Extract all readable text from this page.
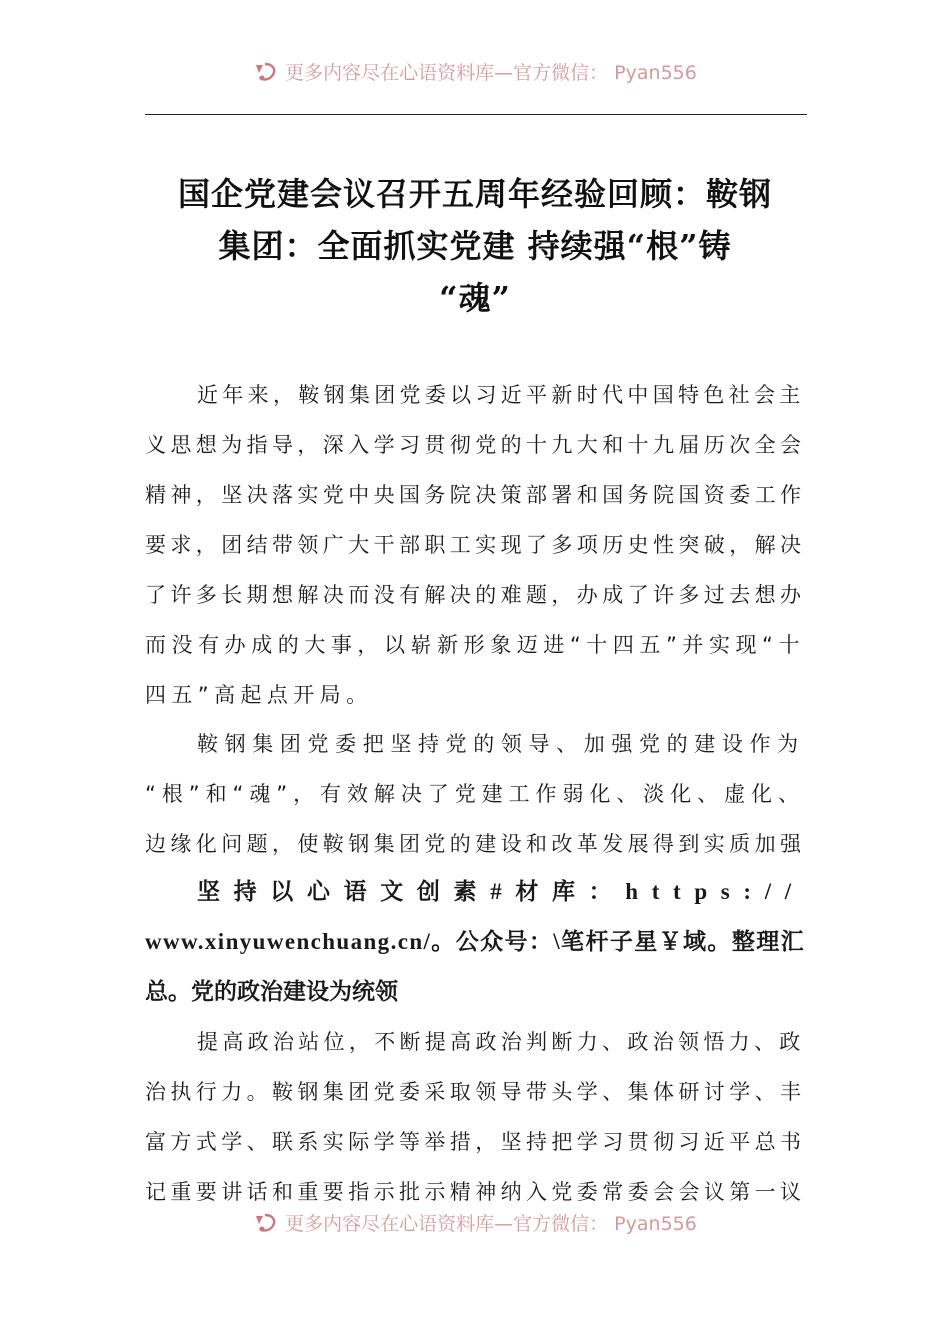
更多内容尽在心语资料库—官方微信： Pyan556
国企党建会议召开五周年经验回顾：鞍钢
集团：全面抓实党建 持续强“根”铸
“魂”
近年来，鞍钢集团党委以习近平新时代中国特色社会主
义思想为指导，深入学习贯彻党的十九大和十九届历次全会
精神，坚决落实党中央国务院决策部署和国务院国资委工作
要求，团结带领广大干部职工实现了多项历史性突破，解决
了许多长期想解决而没有解决的难题，办成了许多过去想办
而没有办成的大事，以崭新形象迈进“十四五”并实现“十
四五”高起点开局。
鞍钢集团党委把坚持党的领导、加强党的建设作为
“根”和“魂”，有效解决了党建工作弱化、淡化、虚化、
边缘化问题，使鞍钢集团党的建设和改革发展得到实质加强
坚持以心语文创素#材库：https://
www.xinyuwenchuang.cn/。公众号：\笔杆子星￥域。整理汇
总。党的政治建设为统领
提高政治站位，不断提高政治判断力、政治领悟力、政
治执行力。鞍钢集团党委采取领导带头学、集体研讨学、丰
富方式学、联系实际学等举措，坚持把学习贯彻习近平总书
记重要讲话和重要指示批示精神纳入党委常委会会议第一议
更多内容尽在心语资料库—官方微信： Pyan556
